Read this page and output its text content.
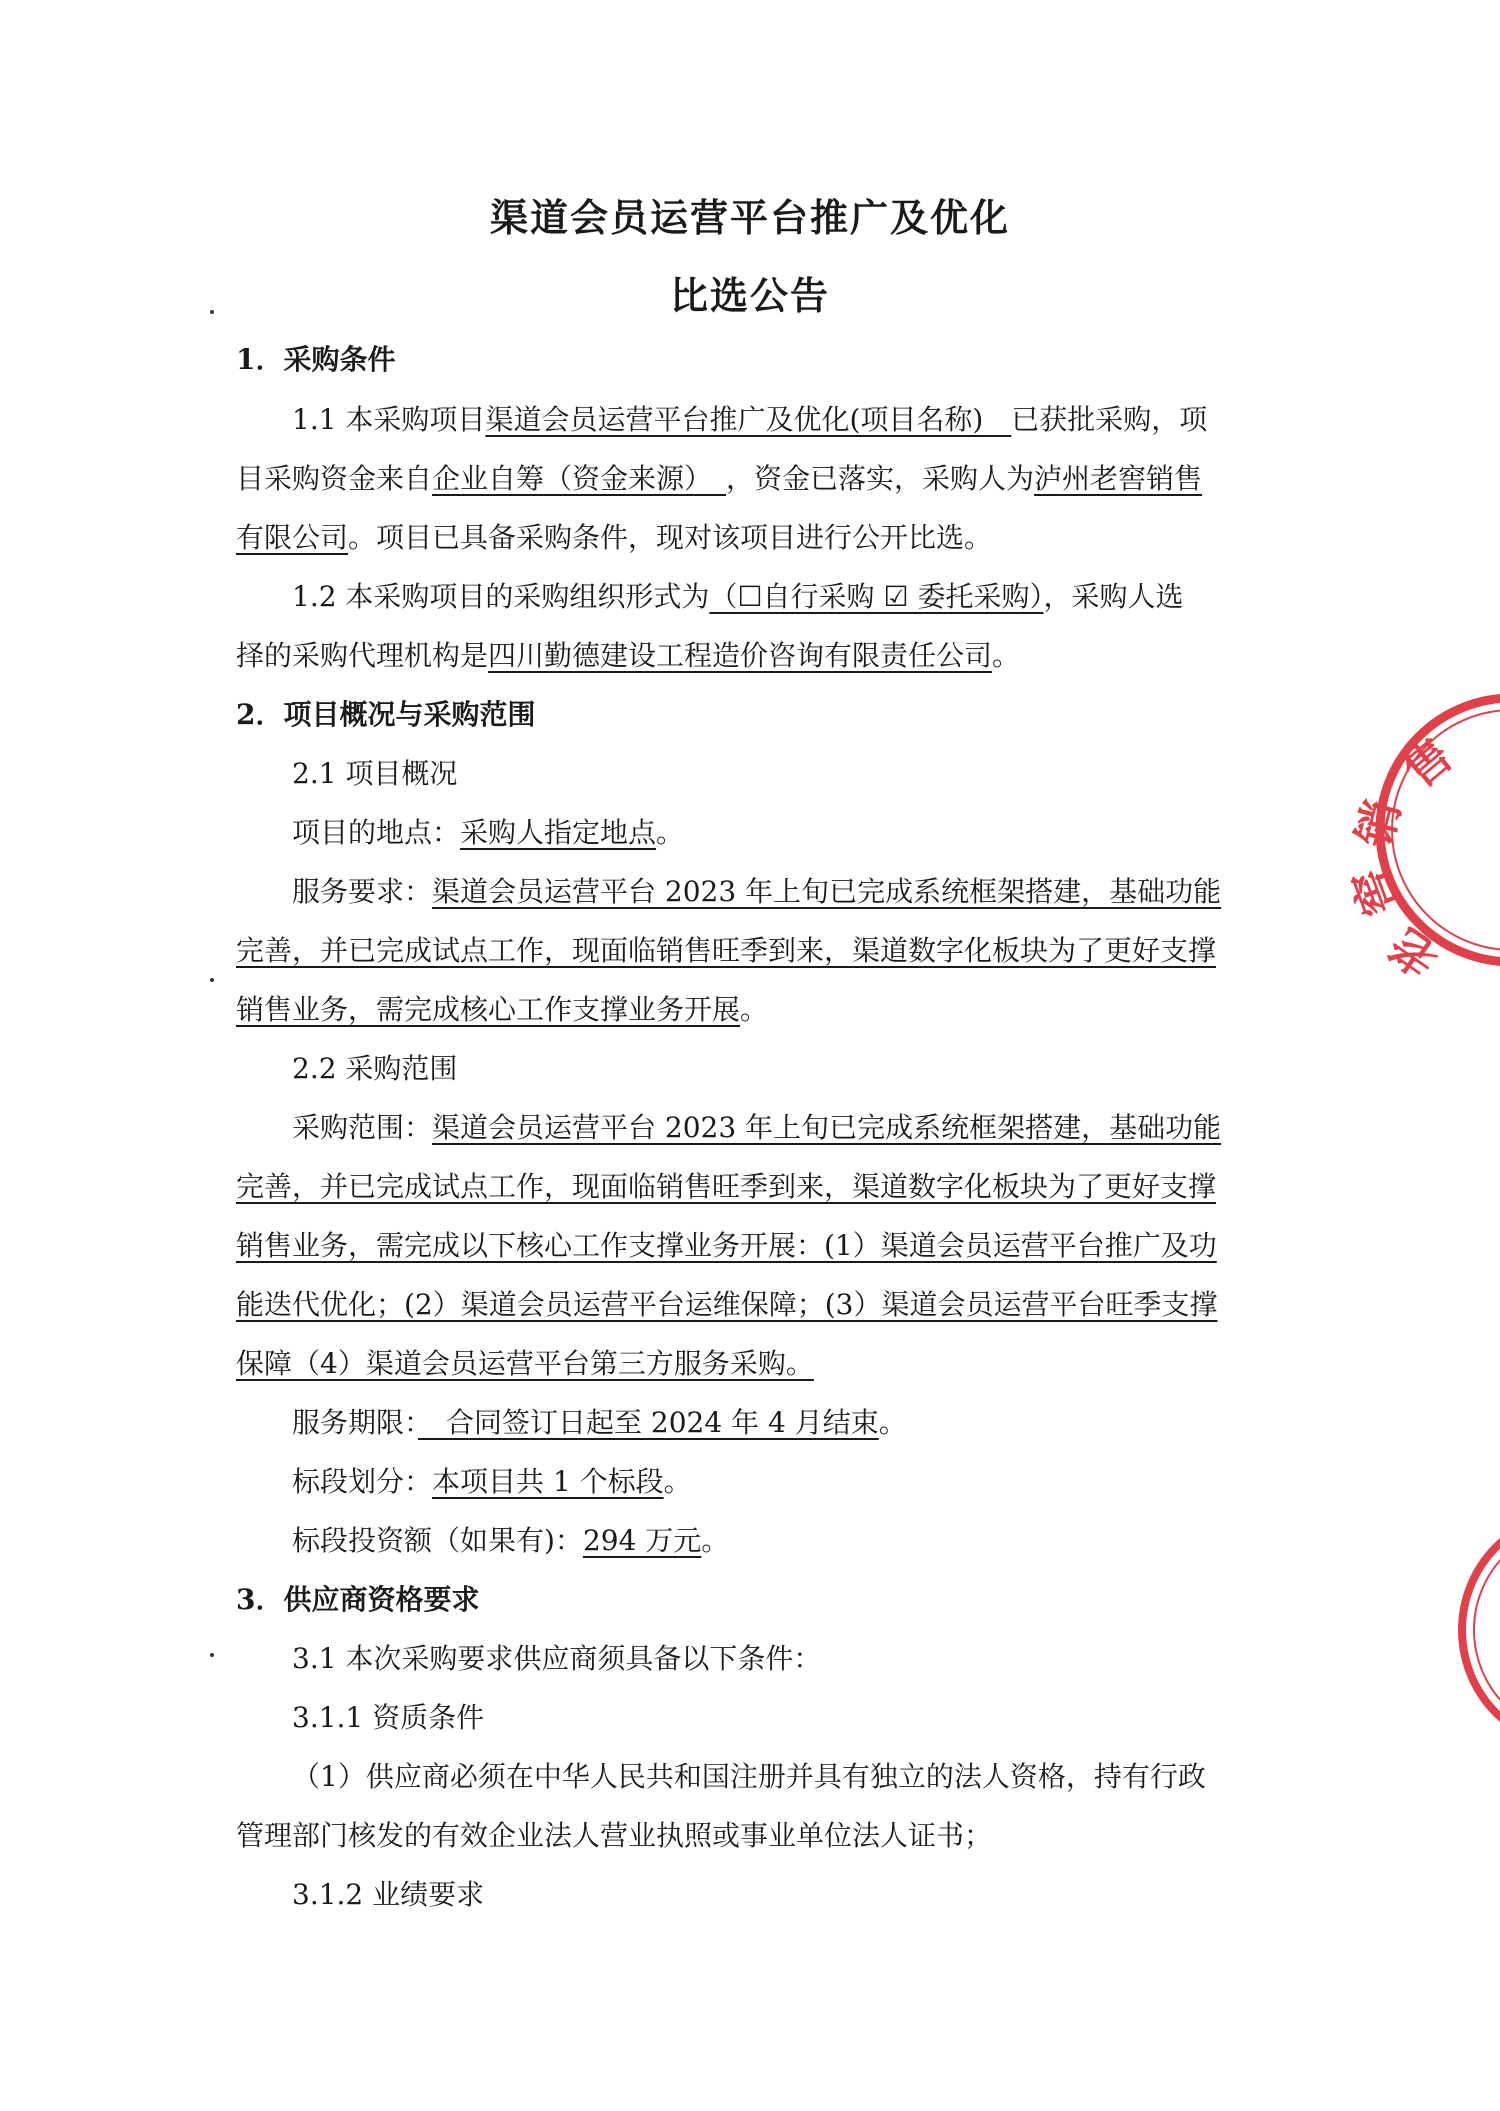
渠道会员运营平台推广及优化
比选公告
1．采购条件
1.1 本采购项目渠道会员运营平台推广及优化(项目名称)　已获批采购，项
目采购资金来自企业自筹（资金来源）　，资金已落实，采购人为泸州老窖销售
有限公司。项目已具备采购条件，现对该项目进行公开比选。
1.2 本采购项目的采购组织形式为（☐自行采购 ☑ 委托采购），采购人选
择的采购代理机构是四川勤德建设工程造价咨询有限责任公司。
2．项目概况与采购范围
2.1 项目概况
项目的地点：采购人指定地点。
服务要求：渠道会员运营平台 2023 年上旬已完成系统框架搭建，基础功能
完善，并已完成试点工作，现面临销售旺季到来，渠道数字化板块为了更好支撑
销售业务，需完成核心工作支撑业务开展。
2.2 采购范围
采购范围：渠道会员运营平台 2023 年上旬已完成系统框架搭建，基础功能
完善，并已完成试点工作，现面临销售旺季到来，渠道数字化板块为了更好支撑
销售业务，需完成以下核心工作支撑业务开展：(1）渠道会员运营平台推广及功
能迭代优化；(2）渠道会员运营平台运维保障；(3）渠道会员运营平台旺季支撑
保障（4）渠道会员运营平台第三方服务采购。
服务期限：　合同签订日起至 2024 年 4 月结束。
标段划分：本项目共 1 个标段。
标段投资额（如果有)：294 万元。
3．供应商资格要求
3.1 本次采购要求供应商须具备以下条件：
3.1.1 资质条件
（1）供应商必须在中华人民共和国注册并具有独立的法人资格，持有行政
管理部门核发的有效企业法人营业执照或事业单位法人证书；
3.1.2 业绩要求
售
销
窖
老
